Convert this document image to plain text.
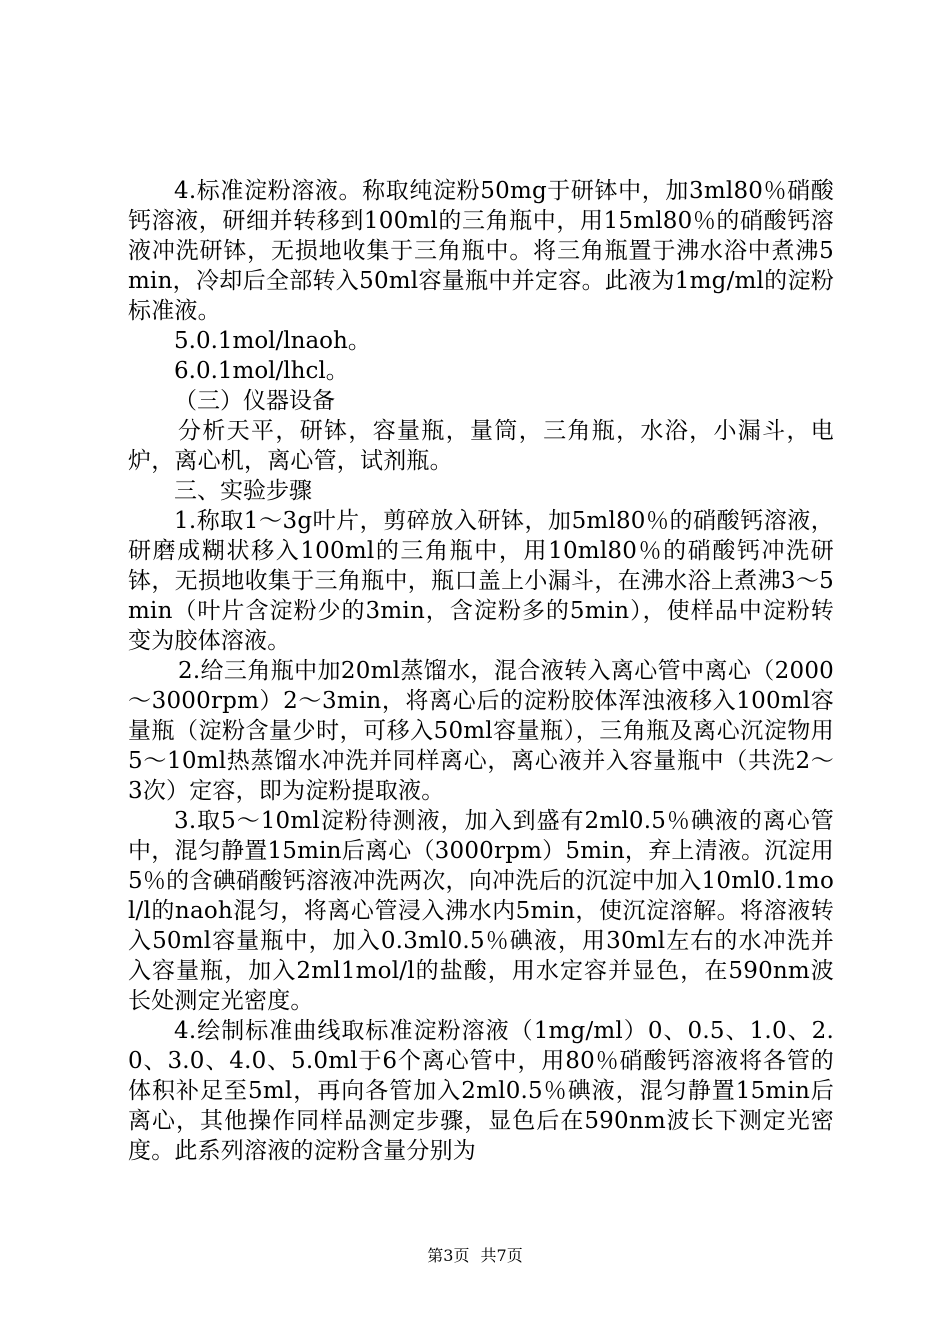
4.标准淀粉溶液。称取纯淀粉50mg于研钵中，加3ml80％硝酸钙溶液，研细并转移到100ml的三角瓶中，用15ml80％的硝酸钙溶液冲洗研钵，无损地收集于三角瓶中。将三角瓶置于沸水浴中煮沸5min，冷却后全部转入50ml容量瓶中并定容。此液为1mg/ml的淀粉标准液。

5.0.1mol/lnaoh。

6.0.1mol/lhcl。

（三）仪器设备

分析天平，研钵，容量瓶，量筒，三角瓶，水浴，小漏斗，电炉，离心机，离心管，试剂瓶。

三、实验步骤

1.称取1～3g叶片，剪碎放入研钵，加5ml80％的硝酸钙溶液，研磨成糊状移入100ml的三角瓶中，用10ml80％的硝酸钙冲洗研钵，无损地收集于三角瓶中，瓶口盖上小漏斗，在沸水浴上煮沸3～5min（叶片含淀粉少的3min，含淀粉多的5min），使样品中淀粉转变为胶体溶液。

2.给三角瓶中加20ml蒸馏水，混合液转入离心管中离心（2000～3000rpm）2～3min，将离心后的淀粉胶体浑浊液移入100ml容量瓶（淀粉含量少时，可移入50ml容量瓶），三角瓶及离心沉淀物用5～10ml热蒸馏水冲洗并同样离心，离心液并入容量瓶中（共洗2～3次）定容，即为淀粉提取液。

3.取5～10ml淀粉待测液，加入到盛有2ml0.5％碘液的离心管中，混匀静置15min后离心（3000rpm）5min，弃上清液。沉淀用5％的含碘硝酸钙溶液冲洗两次，向冲洗后的沉淀中加入10ml0.1mol/l的naoh混匀，将离心管浸入沸水内5min，使沉淀溶解。将溶液转入50ml容量瓶中，加入0.3ml0.5％碘液，用30ml左右的水冲洗并入容量瓶，加入2ml1mol/l的盐酸，用水定容并显色，在590nm波长处测定光密度。

4.绘制标准曲线取标准淀粉溶液（1mg/ml）0、0.5、1.0、2.0、3.0、4.0、5.0ml于6个离心管中，用80％硝酸钙溶液将各管的体积补足至5ml，再向各管加入2ml0.5％碘液，混匀静置15min后离心，其他操作同样品测定步骤，显色后在590nm波长下测定光密度。此系列溶液的淀粉含量分别为

第3页 共7页
